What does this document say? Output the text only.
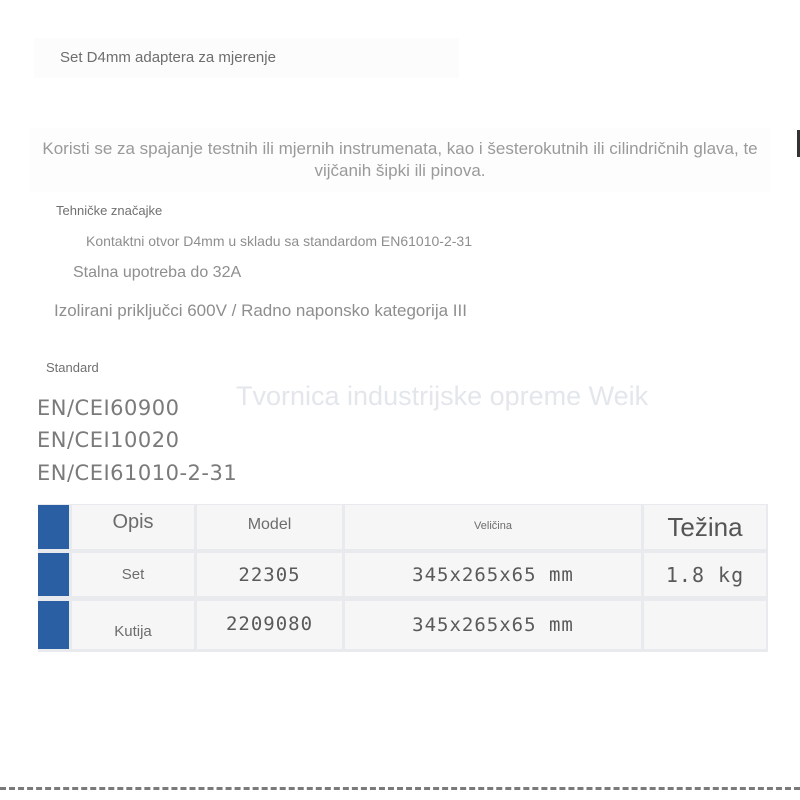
Set D4mm adaptera za mjerenje
Koristi se za spajanje testnih ili mjernih instrumenata, kao i šesterokutnih ili cilindričnih glava, te vijčanih šipki ili pinova.
Tehničke značajke
Kontaktni otvor D4mm u skladu sa standardom EN61010-2-31
Stalna upotreba do 32A
Izolirani priključci 600V / Radno naponsko kategorija III
Standard
Tvornica industrijske opreme Weik
EN/CEI60900
EN/CEI10020
EN/CEI61010-2-31
Opis	Model	Veličina	Težina
Set	22305	345x265x65 mm	1.8 kg
Kutija	2209080	345x265x65 mm
